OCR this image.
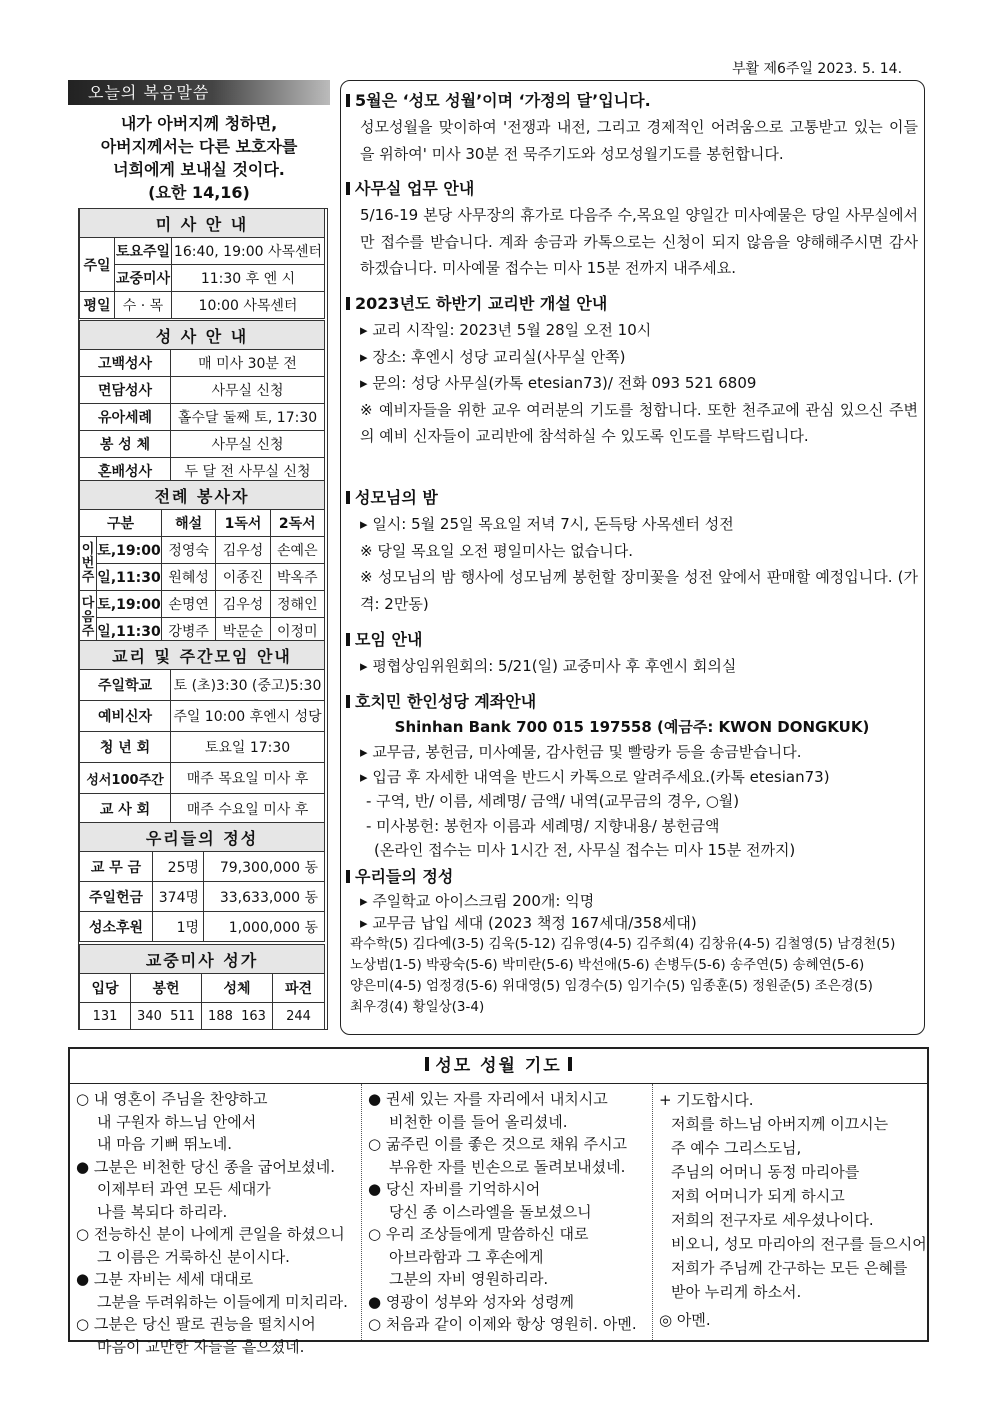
부활 제6주일 2023. 5. 14.
오늘의 복음말씀
내가 아버지께 청하면,
아버지께서는 다른 보호자를
너희에게 보내실 것이다.
(요한 14,16)
미 사 안 내		
주일	토요주일	16:40, 19:00 사목센터
	교중미사	11:30 후 엔 시
평일	수 · 목	10:00 사목센터
성 사 안 내	
고백성사	매 미사 30분 전
면담성사	사무실 신청
유아세례	홀수달 둘째 토, 17:30
봉 성 체	사무실 신청
혼배성사	두 달 전 사무실 신청
전례 봉사자				
구분		해설	1독서	2독서
이번주	토,19:00	정영숙	김우성	손예은
	일,11:30	원혜성	이종진	박옥주
다음주	토,19:00	손명연	김우성	정해인
	일,11:30	강병주	박문순	이정미
교리 및 주간모임 안내	
주일학교	토 (초)3:30 (중고)5:30
예비신자	주일 10:00 후엔시 성당
청 년 회	토요일 17:30
성서100주간	매주 목요일 미사 후
교 사 회	매주 수요일 미사 후
우리들의 정성		
교 무 금	25명	79,300,000 동
주일헌금	374명	33,633,000 동
성소후원	1명	1,000,000 동
교중미사 성가			
입당	봉헌	성체	파견
131	340  511	188  163	244
5월은 ‘성모 성월’이며 ‘가정의 달’입니다.
성모성월을 맞이하여 '전쟁과 내전, 그리고 경제적인 어려움으로 고통받고 있는 이들을 위하여' 미사 30분 전 묵주기도와 성모성월기도를 봉헌합니다.
사무실 업무 안내
5/16-19 본당 사무장의 휴가로 다음주 수,목요일 양일간 미사예물은 당일 사무실에서만 접수를 받습니다. 계좌 송금과 카톡으로는 신청이 되지 않음을 양해해주시면 감사하겠습니다. 미사예물 접수는 미사 15분 전까지 내주세요.
2023년도 하반기 교리반 개설 안내
▸ 교리 시작일: 2023년 5월 28일 오전 10시
▸ 장소: 후엔시 성당 교리실(사무실 안쪽)
▸ 문의: 성당 사무실(카톡 etesian73)/ 전화 093 521 6809
※ 예비자들을 위한 교우 여러분의 기도를 청합니다. 또한 천주교에 관심 있으신 주변의 예비 신자들이 교리반에 참석하실 수 있도록 인도를 부탁드립니다.
성모님의 밤
▸ 일시: 5월 25일 목요일 저녁 7시, 돈득탕 사목센터 성전
※ 당일 목요일 오전 평일미사는 없습니다.
※ 성모님의 밤 행사에 성모님께 봉헌할 장미꽃을 성전 앞에서 판매할 예정입니다. (가격: 2만동)
모임 안내
▸ 평협상임위원회의: 5/21(일) 교중미사 후 후엔시 회의실
호치민 한인성당 계좌안내
Shinhan Bank 700 015 197558 (예금주: KWON DONGKUK)
▸ 교무금, 봉헌금, 미사예물, 감사헌금 및 빨랑카 등을 송금받습니다.
▸ 입금 후 자세한 내역을 반드시 카톡으로 알려주세요.(카톡 etesian73)
- 구역, 반/ 이름, 세례명/ 금액/ 내역(교무금의 경우, ○월)
- 미사봉헌: 봉헌자 이름과 세례명/ 지향내용/ 봉헌금액
(온라인 접수는 미사 1시간 전, 사무실 접수는 미사 15분 전까지)
우리들의 정성
▸ 주일학교 아이스크림 200개: 익명
▸ 교무금 납입 세대 (2023 책정 167세대/358세대)
곽수학(5) 김다예(3-5) 김욱(5-12) 김유영(4-5) 김주희(4) 김창유(4-5) 김철영(5) 남경천(5)
노상범(1-5) 박광숙(5-6) 박미란(5-6) 박선애(5-6) 손병두(5-6) 송주연(5) 송혜연(5-6)
양은미(4-5) 엄정경(5-6) 위대영(5) 임경수(5) 임기수(5) 임종훈(5) 정원준(5) 조은경(5)
최우경(4) 황일상(3-4)
성모 성월 기도
○ 내 영혼이 주님을 찬양하고
내 구원자 하느님 안에서
내 마음 기뻐 뛰노네.
● 그분은 비천한 당신 종을 굽어보셨네.
이제부터 과연 모든 세대가
나를 복되다 하리라.
○ 전능하신 분이 나에게 큰일을 하셨으니
그 이름은 거룩하신 분이시다.
● 그분 자비는 세세 대대로
그분을 두려워하는 이들에게 미치리라.
○ 그분은 당신 팔로 권능을 떨치시어
마음이 교만한 자들을 흩으셨네.
● 권세 있는 자를 자리에서 내치시고
비천한 이를 들어 올리셨네.
○ 굶주린 이를 좋은 것으로 채워 주시고
부유한 자를 빈손으로 돌려보내셨네.
● 당신 자비를 기억하시어
당신 종 이스라엘을 돌보셨으니
○ 우리 조상들에게 말씀하신 대로
아브라함과 그 후손에게
그분의 자비 영원하리라.
● 영광이 성부와 성자와 성령께
○ 처음과 같이 이제와 항상 영원히. 아멘.
+ 기도합시다.
저희를 하느님 아버지께 이끄시는
주 예수 그리스도님,
주님의 어머니 동정 마리아를
저희 어머니가 되게 하시고
저희의 전구자로 세우셨나이다.
비오니, 성모 마리아의 전구를 들으시어
저희가 주님께 간구하는 모든 은혜를
받아 누리게 하소서.
◎ 아멘.
